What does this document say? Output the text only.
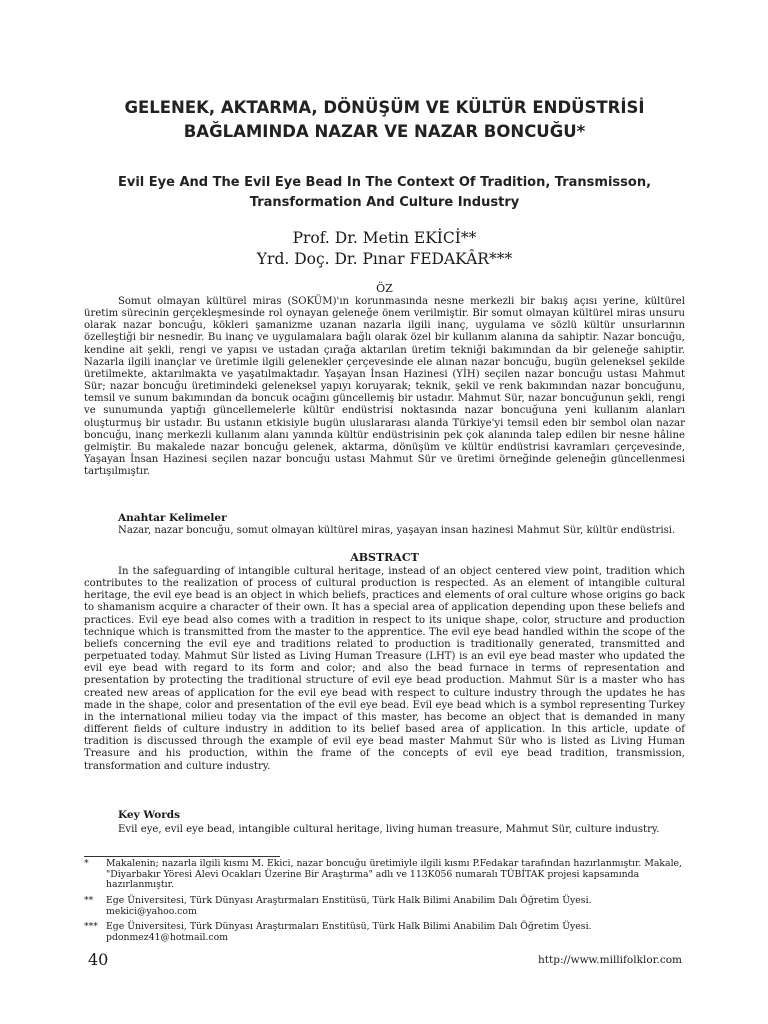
GELENEK, AKTARMA, DÖNÜŞÜM VE KÜLTÜR ENDÜSTRİSİ
BAĞLAMINDA NAZAR VE NAZAR BONCUĞU*
Evil Eye And The Evil Eye Bead In The Context Of Tradition, Transmisson,
Transformation And Culture Industry
Prof. Dr. Metin EKİCİ**
Yrd. Doç. Dr. Pınar FEDAKÂR***
ÖZ

Somut olmayan kültürel miras (SOKÜM)'ın korunmasında nesne merkezli bir bakış açısı yerine, kültürel üretim sürecinin gerçekleşmesinde rol oynayan geleneğe önem verilmiştir. Bir somut olmayan kültürel miras unsuru olarak nazar boncuğu, kökleri şamanizme uzanan nazarla ilgili inanç, uygulama ve sözlü kültür unsurlarının özelleştiği bir nesnedir. Bu inanç ve uygulamalara bağlı olarak özel bir kullanım alanına da sahiptir. Nazar boncuğu, kendine ait şekli, rengi ve yapısı ve ustadan çırağa aktarılan üretim tekniği bakımından da bir geleneğe sahiptir. Nazarla ilgili inançlar ve üretimle ilgili gelenekler çerçevesinde ele alınan nazar boncuğu, bugün geleneksel şekilde üretilmekte, aktarılmakta ve yaşatılmaktadır. Yaşayan İnsan Hazinesi (YİH) seçilen nazar boncuğu ustası Mahmut Sür; nazar boncuğu üretimindeki geleneksel yapıyı koruyarak; teknik, şekil ve renk bakımından nazar boncuğunu, temsil ve sunum bakımından da boncuk ocağını güncellemiş bir ustadır. Mahmut Sür, nazar boncuğunun şekli, rengi ve sunumunda yaptığı güncellemelerle kültür endüstrisi noktasında nazar boncuğuna yeni kullanım alanları oluşturmuş bir ustadır. Bu ustanın etkisiyle bugün uluslararası alanda Türkiye'yi temsil eden bir sembol olan nazar boncuğu, inanç merkezli kullanım alanı yanında kültür endüstrisinin pek çok alanında talep edilen bir nesne hâline gelmiştir. Bu makalede nazar boncuğu gelenek, aktarma, dönüşüm ve kültür endüstrisi kavramları çerçevesinde, Yaşayan İnsan Hazinesi seçilen nazar boncuğu ustası Mahmut Sür ve üretimi örneğinde geleneğin güncellenmesi tartışılmıştır.

Anahtar Kelimeler
Nazar, nazar boncuğu, somut olmayan kültürel miras, yaşayan insan hazinesi Mahmut Sür, kültür endüstrisi.
ABSTRACT

In the safeguarding of intangible cultural heritage, instead of an object centered view point, tradition which contributes to the realization of process of cultural production is respected. As an element of intangible cultural heritage, the evil eye bead is an object in which beliefs, practices and elements of oral culture whose origins go back to shamanism acquire a character of their own. It has a special area of application depending upon these beliefs and practices. Evil eye bead also comes with a tradition in respect to its unique shape, color, structure and production technique which is transmitted from the master to the apprentice. The evil eye bead handled within the scope of the beliefs concerning the evil eye and traditions related to production is traditionally generated, transmitted and perpetuated today. Mahmut Sür listed as Living Human Treasure (LHT) is an evil eye bead master who updated the evil eye bead with regard to its form and color; and also the bead furnace in terms of representation and presentation by protecting the traditional structure of evil eye bead production. Mahmut Sür is a master who has created new areas of application for the evil eye bead with respect to culture industry through the updates he has made in the shape, color and presentation of the evil eye bead. Evil eye bead which is a symbol representing Turkey in the international milieu today via the impact of this master, has become an object that is demanded in many different fields of culture industry in addition to its belief based area of application. In this article, update of tradition is discussed through the example of evil eye bead master Mahmut Sür who is listed as Living Human Treasure and his production, within the frame of the concepts of evil eye bead tradition, transmission, transformation and culture industry.

Key Words
Evil eye, evil eye bead, intangible cultural heritage, living human treasure, Mahmut Sür, culture industry.
* Makalenin; nazarla ilgili kısmı M. Ekici, nazar boncuğu üretimiyle ilgili kısmı P.Fedakar tarafından hazırlanmıştır. Makale, "Diyarbakır Yöresi Alevi Ocakları Üzerine Bir Araştırma" adlı ve 113K056 numaralı TÜBİTAK projesi kapsamında hazırlanmıştır.
** Ege Üniversitesi, Türk Dünyası Araştırmaları Enstitüsü, Türk Halk Bilimi Anabilim Dalı Öğretim Üyesi. mekici@yahoo.com
*** Ege Üniversitesi, Türk Dünyası Araştırmaları Enstitüsü, Türk Halk Bilimi Anabilim Dalı Öğretim Üyesi. pdonmez41@hotmail.com
40	http://www.millifolklor.com
